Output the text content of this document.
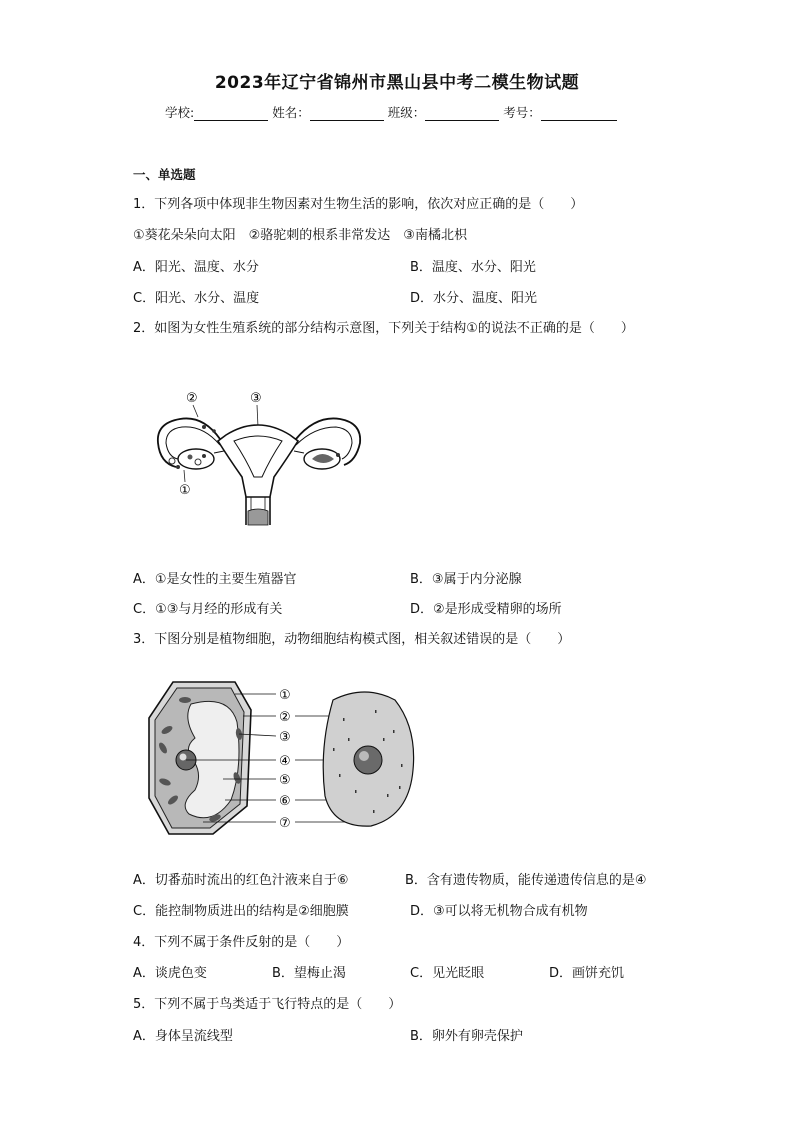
2023年辽宁省锦州市黑山县中考二模生物试题
学校:	姓名：	班级：	考号：
一、单选题
1．下列各项中体现非生物因素对生物生活的影响，依次对应正确的是（　　）
①葵花朵朵向太阳　②骆驼刺的根系非常发达　③南橘北枳
A．阳光、温度、水分	B．温度、水分、阳光
C．阳光、水分、温度	D．水分、温度、阳光
2．如图为女性生殖系统的部分结构示意图，下列关于结构①的说法不正确的是（　　）
②	③
①
A．①是女性的主要生殖器官	B．③属于内分泌腺
C．①③与月经的形成有关	D．②是形成受精卵的场所
3．下图分别是植物细胞，动物细胞结构模式图，相关叙述错误的是（　　）
①
②
③
④
⑤
⑥
⑦
A．切番茄时流出的红色汁液来自于⑥	B．含有遗传物质，能传递遗传信息的是④
C．能控制物质进出的结构是②细胞膜	D．③可以将无机物合成有机物
4．下列不属于条件反射的是（　　）
A．谈虎色变	B．望梅止渴	C．见光眨眼	D．画饼充饥
5．下列不属于鸟类适于飞行特点的是（　　）
A．身体呈流线型	B．卵外有卵壳保护
